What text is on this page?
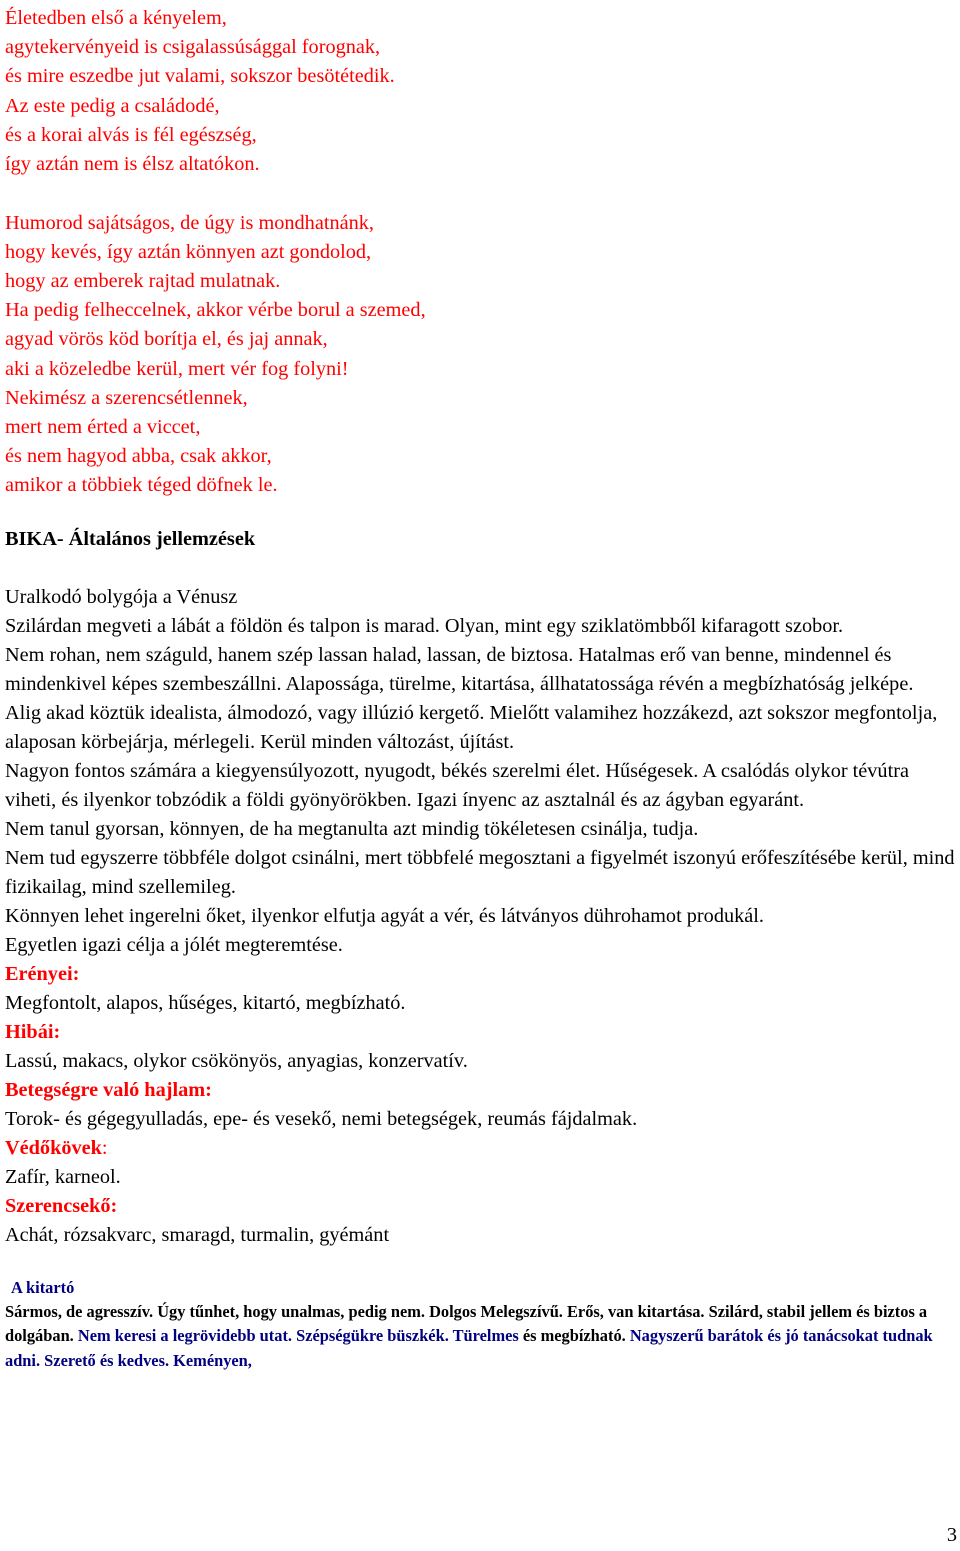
Életedben első a kényelem,
agytekervényeid is csigalassúsággal forognak,
és mire eszedbe jut valami, sokszor besötétedik.
Az este pedig a családodé,
és a korai alvás is fél egészség,
így aztán nem is élsz altatókon.
Humorod sajátságos, de úgy is mondhatnánk,
hogy kevés, így aztán könnyen azt gondolod,
hogy az emberek rajtad mulatnak.
Ha pedig felheccelnek, akkor vérbe borul a szemed,
agyad vörös köd borítja el, és jaj annak,
aki a közeledbe kerül, mert vér fog folyni!
Nekimész a szerencsétlennek,
mert nem érted a viccet,
és nem hagyod abba, csak akkor,
amikor a többiek téged döfnek le.
BIKA- Általános jellemzések
Uralkodó bolygója a Vénusz
Szilárdan megveti a lábát a földön és talpon is marad. Olyan, mint egy sziklatömbből kifaragott szobor.
Nem rohan, nem száguld, hanem szép lassan halad, lassan, de biztosa. Hatalmas erő van benne, mindennel és mindenkivel képes szembeszállni. Alapossága, türelme, kitartása, állhatatossága révén a megbízhatóság jelképe.
Alig akad köztük idealista, álmodozó, vagy illúzió kergető. Mielőtt valamihez hozzákezd, azt sokszor megfontolja, alaposan körbejárja, mérlegeli. Kerül minden változást, újítást.
Nagyon fontos számára a kiegyensúlyozott, nyugodt, békés szerelmi élet. Hűségesek. A csalódás olykor tévútra viheti, és ilyenkor tobzódik a földi gyönyörökben. Igazi ínyenc az asztalnál és az ágyban egyaránt.
Nem tanul gyorsan, könnyen, de ha megtanulta azt mindig tökéletesen csinálja, tudja.
Nem tud egyszerre többféle dolgot csinálni, mert többfelé megosztani a figyelmét iszonyú erőfeszítésébe kerül, mind fizikailag, mind szellemileg.
Könnyen lehet ingerelni őket, ilyenkor elfutja agyát a vér, és látványos dührohamot produkál.
Egyetlen igazi célja a jólét megteremtése.
Erényei:
Megfontolt, alapos, hűséges, kitartó, megbízható.
Hibái:
Lassú, makacs, olykor csökönyös, anyagias, konzervatív.
Betegségre való hajlam:
Torok- és gégegyulladás, epe- és vesekő, nemi betegségek, reumás fájdalmak.
Védőkövek:
Zafír, karneol.
Szerencsekő:
Achát, rózsakvarc, smaragd, turmalin, gyémánt
A kitartó
Sármos, de agresszív. Úgy tűnhet, hogy unalmas, pedig nem. Dolgos Melegszívű. Erős, van kitartása. Szilárd, stabil jellem és biztos a dolgában. Nem keresi a legrövidebb utat. Szépségükre büszkék. Türelmes és megbízható. Nagyszerű barátok és jó tanácsokat tudnak adni. Szerető és kedves. Keményen,
3
